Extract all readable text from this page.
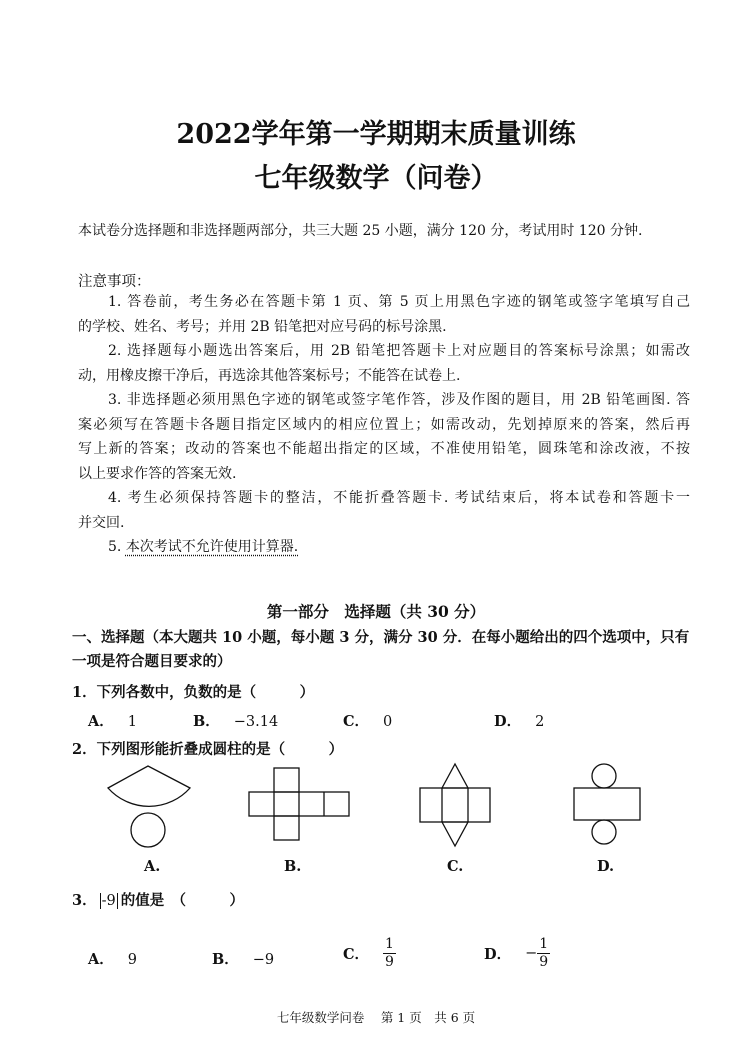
2022学年第一学期期末质量训练
七年级数学（问卷）
本试卷分选择题和非选择题两部分，共三大题 25 小题，满分 120 分，考试用时 120 分钟.
注意事项：
1. 答卷前，考生务必在答题卡第 1 页、第 5 页上用黑色字迹的钢笔或签字笔填写自己
的学校、姓名、考号；并用 2B 铅笔把对应号码的标号涂黑.
2. 选择题每小题选出答案后，用 2B 铅笔把答题卡上对应题目的答案标号涂黑；如需改
动，用橡皮擦干净后，再选涂其他答案标号；不能答在试卷上.
3. 非选择题必须用黑色字迹的钢笔或签字笔作答，涉及作图的题目，用 2B 铅笔画图. 答
案必须写在答题卡各题目指定区域内的相应位置上；如需改动，先划掉原来的答案，然后再
写上新的答案；改动的答案也不能超出指定的区域，不准使用铅笔，圆珠笔和涂改液，不按
以上要求作答的答案无效.
4. 考生必须保持答题卡的整洁，不能折叠答题卡. 考试结束后，将本试卷和答题卡一
并交回.
5. 本次考试不允许使用计算器.
第一部分　选择题（共 30 分）
一、选择题（本大题共 10 小题，每小题 3 分，满分 30 分．在每小题给出的四个选项中，只有一项是符合题目要求的）
1．下列各数中，负数的是（　　　）
A． 1	B． −3.14	C． 0	D． 2
2．下列图形能折叠成圆柱的是（　　　）
A.	B.	C.	D.
3． -9 的值是　（　　　）
A． 9	B． −9	C． $\frac{1}{9}$	D． − $\frac{1}{9}$
七年级数学问卷　 第 1 页　共 6 页
